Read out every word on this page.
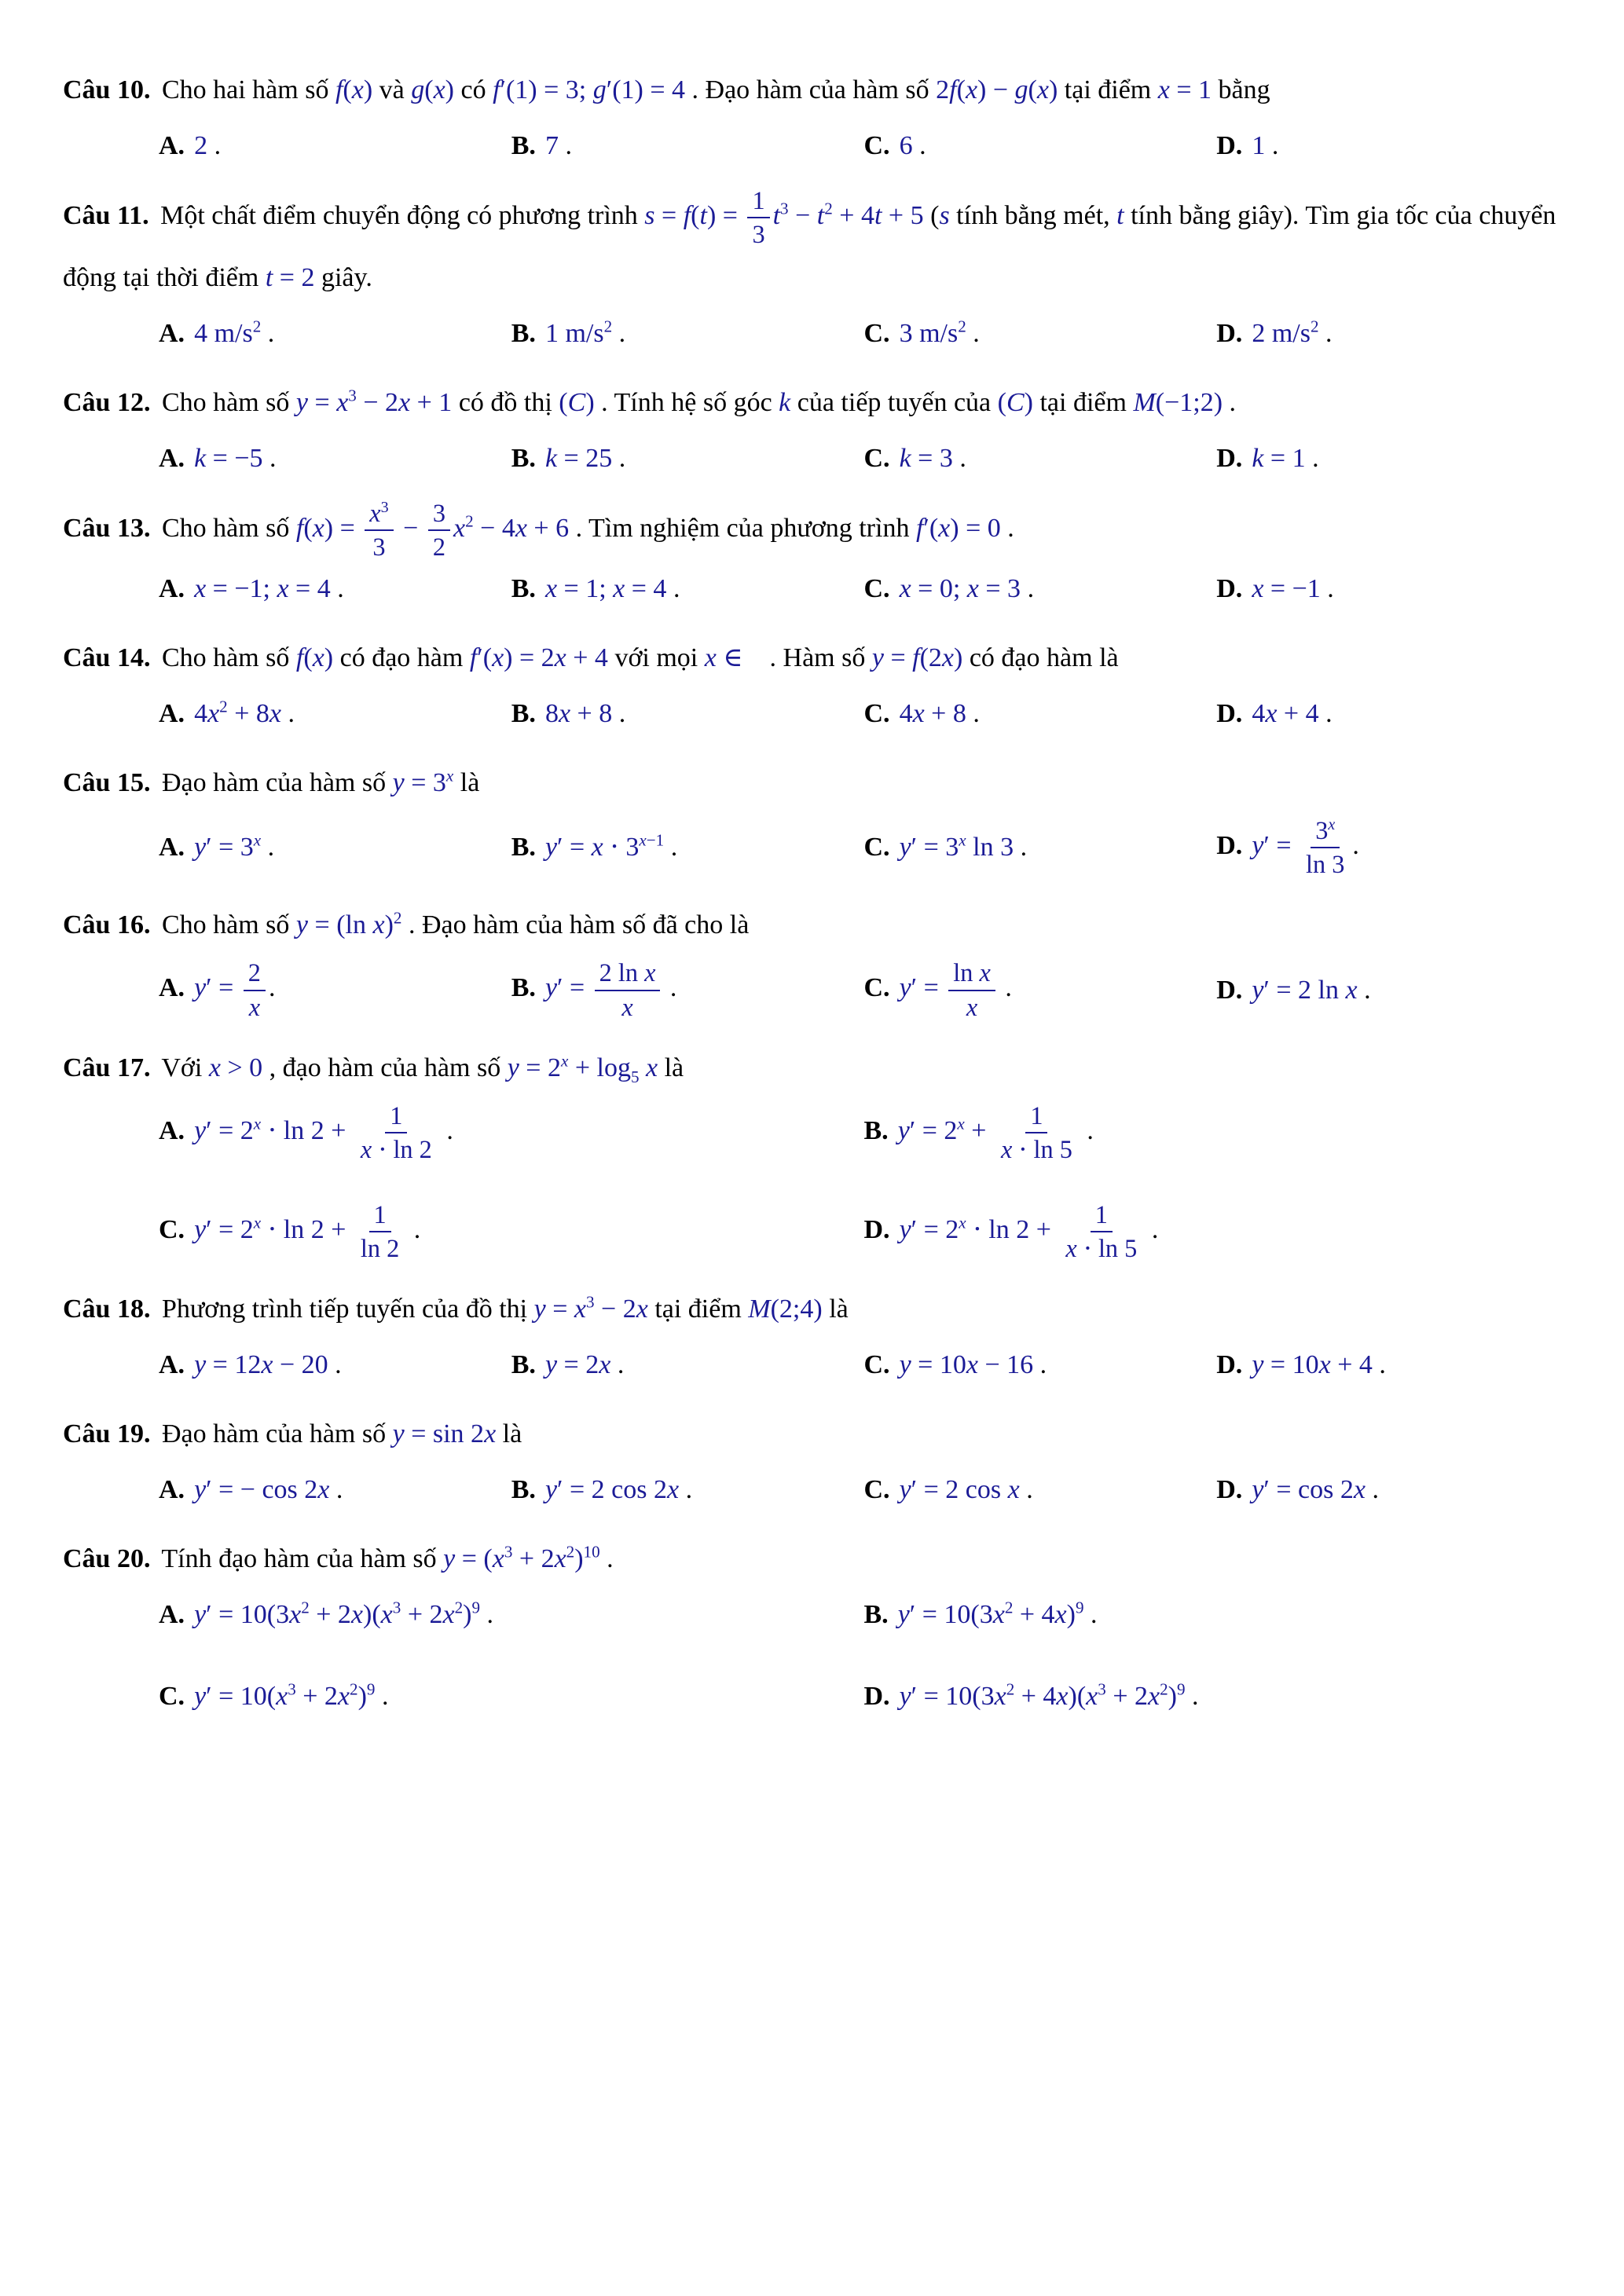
Câu 10. Cho hai hàm số f(x) và g(x) có f′(1) = 3; g′(1) = 4 . Đạo hàm của hàm số 2f(x) − g(x) tại điểm x = 1 bằng

A. 2 .	B. 7 .	C. 6 .	D. 1 .

Câu 11. Một chất điểm chuyển động có phương trình $s = f(t) = \frac{1}{3} t^3 - t^2 + 4t + 5$ (s tính bằng mét, t tính bằng giây). Tìm gia tốc của chuyển động tại thời điểm t = 2 giây.

A. 4 $m/s^2$ .	B. 1 $m/s^2$ .	C. 3 $m/s^2$ .	D. 2 $m/s^2$ .

Câu 12. Cho hàm số $y = x^3 - 2x + 1$ có đồ thị (C) . Tính hệ số góc k của tiếp tuyến của (C) tại điểm M(−1;2) .

A. k = −5 .	B. k = 25 .	C. k = 3 .	D. k = 1 .

Câu 13. Cho hàm số $f(x) = \frac{x^3}{3} - \frac{3}{2} x^2 - 4x + 6$ . Tìm nghiệm của phương trình f′(x) = 0 .

A. x = −1; x = 4 .	B. x = 1; x = 4 .	C. x = 0; x = 3 .	D. x = −1 .

Câu 14. Cho hàm số f(x) có đạo hàm f′(x) = 2x + 4 với mọi x ∈    . Hàm số y = f(2x) có đạo hàm là

A. $4x^2 + 8x$ .	B. 8x + 8 .	C. 4x + 8 .	D. 4x + 4 .

Câu 15. Đạo hàm của hàm số $y = 3^x$ là

A. $y' = 3^x$ .	B. $y' = x \cdot 3^{x-1}$ .	C. $y' = 3^x$ ln 3 .	D. $y' = \frac{3^x}{\ln 3}$ .

Câu 16. Cho hàm số y = (ln x)$^2$ . Đạo hàm của hàm số đã cho là

A. $y' = \frac{2}{x}$ .	B. $y' = \frac{\text{2 ln x}}{x}$ .	C. $y' = \frac{\text{ln x}}{x}$ .	D. y′ = 2 ln x .

Câu 17. Với x > 0 , đạo hàm của hàm số $y = 2^x + \log_5 x$ là

A. $y' = 2^x \cdot \ln 2 + \frac{1}{x \cdot \ln 2}$ .	B. $y' = 2^x + \frac{1}{x \cdot \ln 5}$ .
C. $y' = 2^x \cdot \ln 2 + \frac{1}{\ln 2}$ .	D. $y' = 2^x \cdot \ln 2 + \frac{1}{x \cdot \ln 5}$ .

Câu 18. Phương trình tiếp tuyến của đồ thị $y = x^3 - 2x$ tại điểm M(2;4) là

A. y = 12x − 20 .	B. y = 2x .	C. y = 10x − 16 .	D. y = 10x + 4 .

Câu 19. Đạo hàm của hàm số y = sin 2x là

A. y′ = − cos 2x .	B. y′ = 2 cos 2x .	C. y′ = 2 cos x .	D. y′ = cos 2x .

Câu 20. Tính đạo hàm của hàm số $y = (x^3 + 2x^2)^{10}$ .

A. $y' = 10(3x^2 + 2x)(x^3 + 2x^2)^9$ .	B. $y' = 10(3x^2 + 4x)^9$ .
C. $y' = 10(x^3 + 2x^2)^9$ .	D. $y' = 10(3x^2 + 4x)(x^3 + 2x^2)^9$ .
